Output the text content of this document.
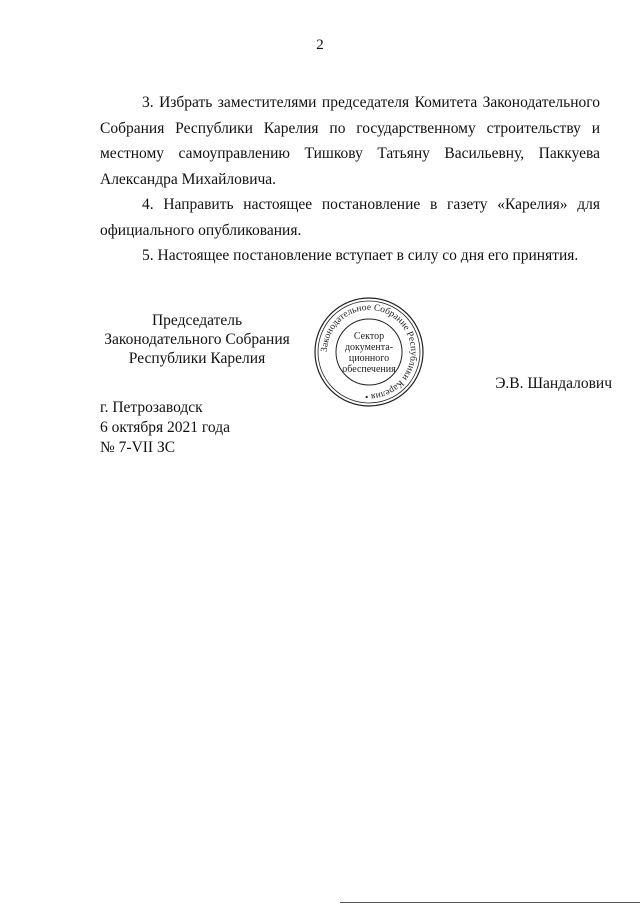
2

3. Избрать заместителями председателя Комитета Законодательного Собрания Республики Карелия по государственному строительству и местному самоуправлению Тишкову Татьяну Васильевну, Паккуева Александра Михайловича.

4. Направить настоящее постановление в газету «Карелия» для официального опубликования.

5. Настоящее постановление вступает в силу со дня его принятия.

Председатель
Законодательного Собрания
Республики Карелия
Законодательное Собрание Республики Карелия •
Сектор
документа-
ционного
обеспечения
Э.В. Шандалович
г. Петрозаводск
6 октября 2021 года
№ 7-VII ЗС
